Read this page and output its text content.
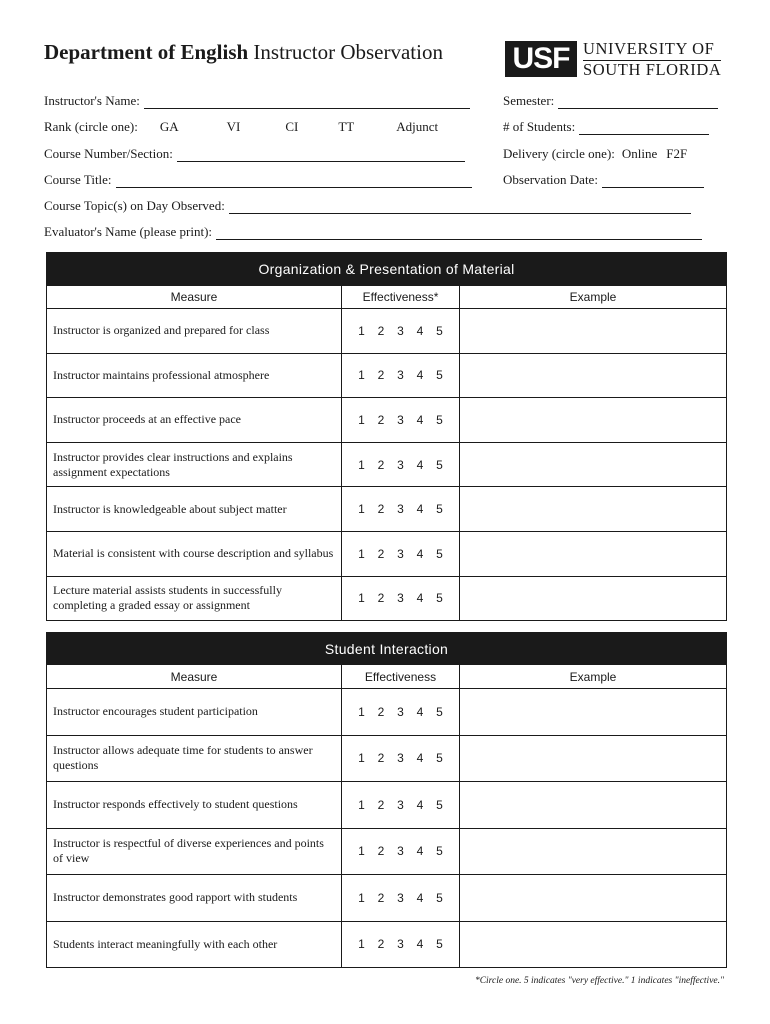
Department of English Instructor Observation USF UNIVERSITY OF
SOUTH FLORIDA
Instructor's Name:	Semester:
Rank (circle one): GA	VI	CI	TT	Adjunct	# of Students:
Course Number/Section:	Delivery (circle one): Online F2F
Course Title:	Observation Date:
Course Topic(s) on Day Observed:
Evaluator's Name (please print):
Organization & Presentation of Material		
Measure	Effectiveness*	Example
Instructor is organized and prepared for class	1 2 3 4 5	
Instructor maintains professional atmosphere	1 2 3 4 5	
Instructor proceeds at an effective pace	1 2 3 4 5	
Instructor provides clear instructions and explains assignment expectations	1 2 3 4 5	
Instructor is knowledgeable about subject matter	1 2 3 4 5	
Material is consistent with course description and syllabus	1 2 3 4 5	
Lecture material assists students in successfully completing a graded essay or assignment	1 2 3 4 5	
Student Interaction		
Measure	Effectiveness	Example
Instructor encourages student participation	1 2 3 4 5	
Instructor allows adequate time for students to answer questions	1 2 3 4 5	
Instructor responds effectively to student questions	1 2 3 4 5	
Instructor is respectful of diverse experiences and points of view	1 2 3 4 5	
Instructor demonstrates good rapport with students	1 2 3 4 5	
Students interact meaningfully with each other	1 2 3 4 5	
*Circle one. 5 indicates "very effective." 1 indicates "ineffective."
